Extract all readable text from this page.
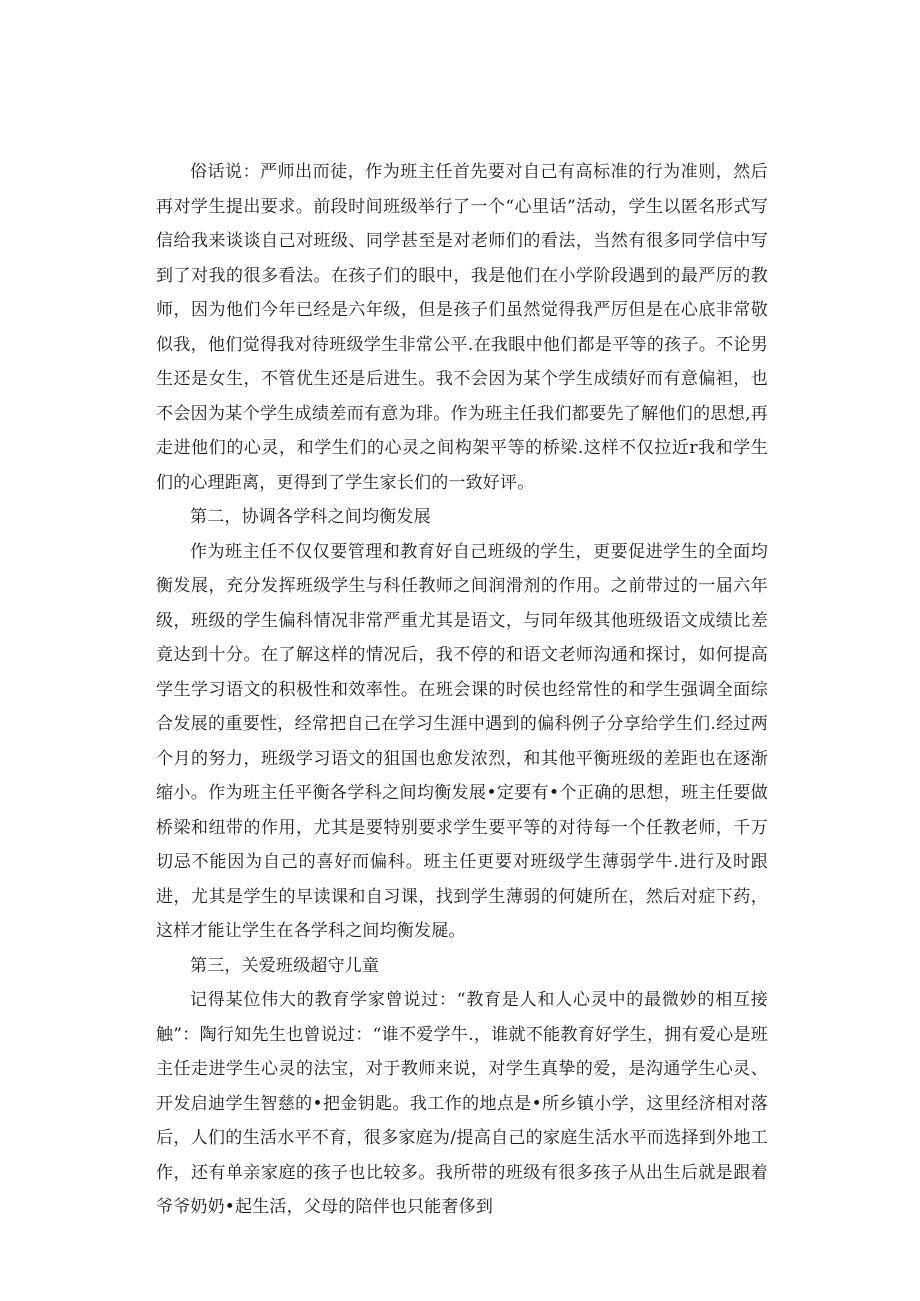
俗话说：严师出而徒，作为班主任首先要对自己有高标准的行为准则，然后再对学生提出要求。前段时间班级举行了一个“心里话”活动，学生以匿名形式写信给我来谈谈自己对班级、同学甚至是对老师们的看法，当然有很多同学信中写到了对我的很多看法。在孩子们的眼中，我是他们在小学阶段遇到的最严厉的教师，因为他们今年已经是六年级，但是孩子们虽然觉得我严厉但是在心底非常敬似我，他们觉得我对待班级学生非常公平.在我眼中他们都是平等的孩子。不论男生还是女生，不管优生还是后进生。我不会因为某个学生成绩好而有意偏袒，也不会因为某个学生成绩差而有意为琲。作为班主任我们都要先了解他们的思想,再走进他们的心灵，和学生们的心灵之间构架平等的桥梁.这样不仅拉近r我和学生们的心理距离，更得到了学生家长们的一致好评。

第二，协调各学科之间均衡发展

作为班主任不仅仅要管理和教育好自己班级的学生，更要促进学生的全面均衡发展，充分发挥班级学生与科任教师之间润滑剂的作用。之前带过的一届六年级，班级的学生偏科情况非常严重尤其是语文，与同年级其他班级语文成绩比差竟达到十分。在了解这样的情况后，我不停的和语文老师沟通和探讨，如何提高学生学习语文的积极性和效率性。在班会课的时侯也经常性的和学生强调全面综合发展的重要性，经常把自己在学习生涯中遇到的偏科例子分享给学生们.经过两个月的努力，班级学习语文的狙国也愈发浓烈，和其他平衡班级的差距也在逐渐缩小。作为班主任平衡各学科之间均衡发展•定要有•个正确的思想，班主任要做桥梁和纽带的作用，尤其是要特别要求学生要平等的对待每一个任教老师，千万切忌不能因为自己的喜好而偏科。班主任更要对班级学生薄弱学牛.进行及时跟进，尤其是学生的早读课和自习课，找到学生薄弱的何婕所在，然后对症下药，这样才能让学生在各学科之间均衡发屣。

第三，关爱班级超守儿童

记得某位伟大的教育学家曾说过：“教育是人和人心灵中的最微妙的相互接触”：陶行知先生也曾说过：“谁不爱学牛.，谁就不能教育好学生，拥有爱心是班主任走进学生心灵的法宝，对于教师来说，对学生真挚的爱，是沟通学生心灵、开发启迪学生智慈的•把金钥匙。我工作的地点是•所乡镇小学，这里经济相对落后，人们的生活水平不育，很多家庭为/提高自己的家庭生活水平而选择到外地工作，还有单亲家庭的孩子也比较多。我所带的班级有很多孩子从出生后就是跟着爷爷奶奶•起生活，父母的陪伴也只能奢侈到
